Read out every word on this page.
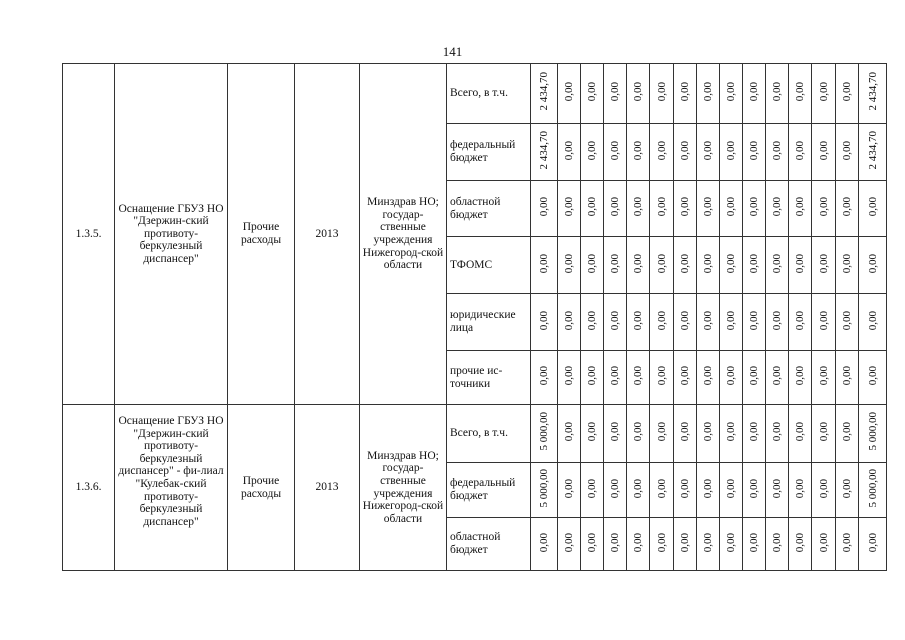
141
1.3.5.	Оснащение ГБУЗ НО "Дзержин-ский противоту-беркулезный диспансер"	Прочие расходы	2013	Минздрав НО; государ-ственные учреждения Нижегород-ской области	Всего, в т.ч.	2 434,70	0,00	0,00	0,00	0,00	0,00	0,00	0,00	0,00	0,00	0,00	0,00	0,00	0,00	2 434,70
					федеральный бюджет	2 434,70	0,00	0,00	0,00	0,00	0,00	0,00	0,00	0,00	0,00	0,00	0,00	0,00	0,00	2 434,70
					областной бюджет	0,00	0,00	0,00	0,00	0,00	0,00	0,00	0,00	0,00	0,00	0,00	0,00	0,00	0,00	0,00
					ТФОМС	0,00	0,00	0,00	0,00	0,00	0,00	0,00	0,00	0,00	0,00	0,00	0,00	0,00	0,00	0,00
					юридические лица	0,00	0,00	0,00	0,00	0,00	0,00	0,00	0,00	0,00	0,00	0,00	0,00	0,00	0,00	0,00
					прочие ис-точники	0,00	0,00	0,00	0,00	0,00	0,00	0,00	0,00	0,00	0,00	0,00	0,00	0,00	0,00	0,00
1.3.6.	Оснащение ГБУЗ НО "Дзержин-ский противоту-беркулезный диспансер" - фи-лиал "Кулебак-ский противоту-беркулезный диспансер"	Прочие расходы	2013	Минздрав НО; государ-ственные учреждения Нижегород-ской области	Всего, в т.ч.	5 000,00	0,00	0,00	0,00	0,00	0,00	0,00	0,00	0,00	0,00	0,00	0,00	0,00	0,00	5 000,00
					федеральный бюджет	5 000,00	0,00	0,00	0,00	0,00	0,00	0,00	0,00	0,00	0,00	0,00	0,00	0,00	0,00	5 000,00
					областной бюджет	0,00	0,00	0,00	0,00	0,00	0,00	0,00	0,00	0,00	0,00	0,00	0,00	0,00	0,00	0,00
